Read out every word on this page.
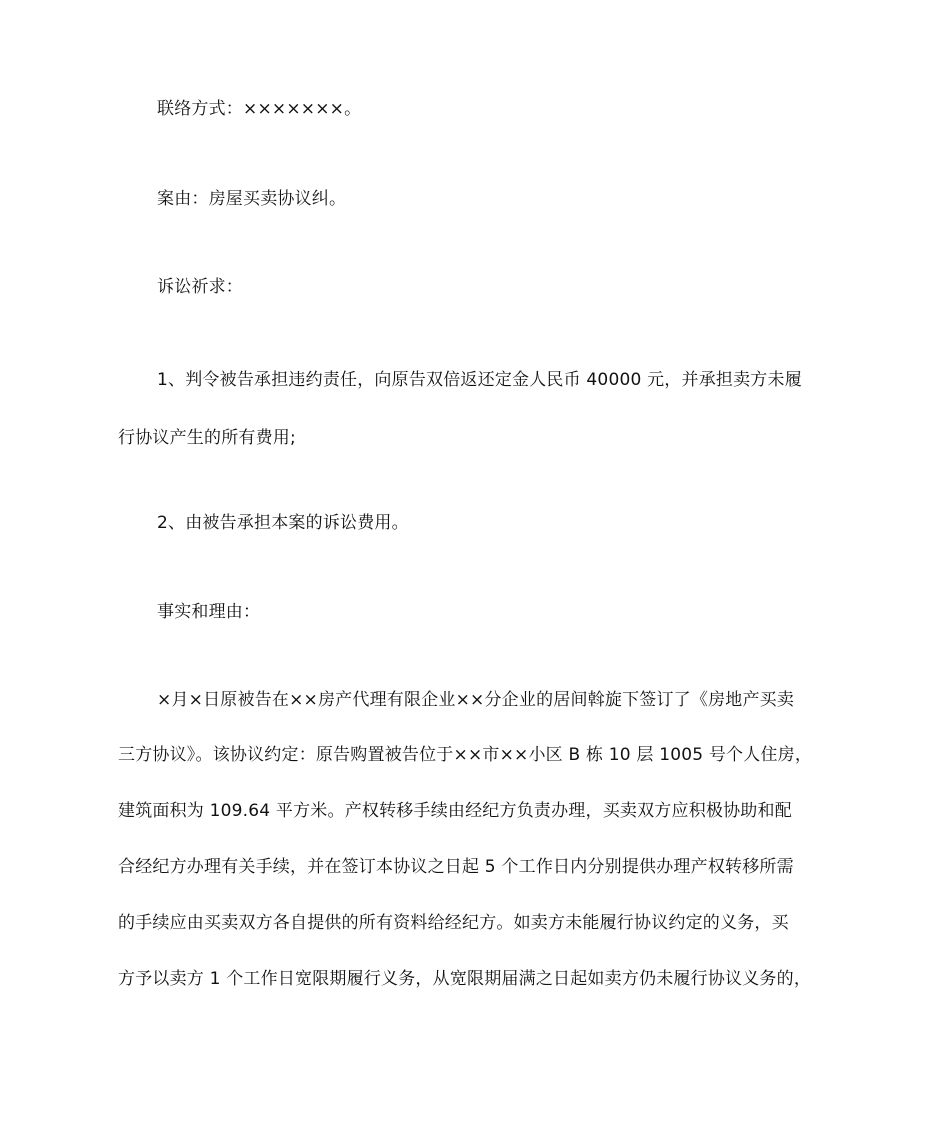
联络方式：×××××××。
案由：房屋买卖协议纠。
诉讼祈求：
1、判令被告承担违约责任，向原告双倍返还定金人民币 40000 元，并承担卖方未履
行协议产生的所有费用;
2、由被告承担本案的诉讼费用。
事实和理由：
×月×日原被告在××房产代理有限企业××分企业的居间斡旋下签订了《房地产买卖
三方协议》。该协议约定：原告购置被告位于××市××小区 B 栋 10 层 1005 号个人住房，
建筑面积为 109.64 平方米。产权转移手续由经纪方负责办理，买卖双方应积极协助和配
合经纪方办理有关手续，并在签订本协议之日起 5 个工作日内分别提供办理产权转移所需
的手续应由买卖双方各自提供的所有资料给经纪方。如卖方未能履行协议约定的义务，买
方予以卖方 1 个工作日宽限期履行义务，从宽限期届满之日起如卖方仍未履行协议义务的，
